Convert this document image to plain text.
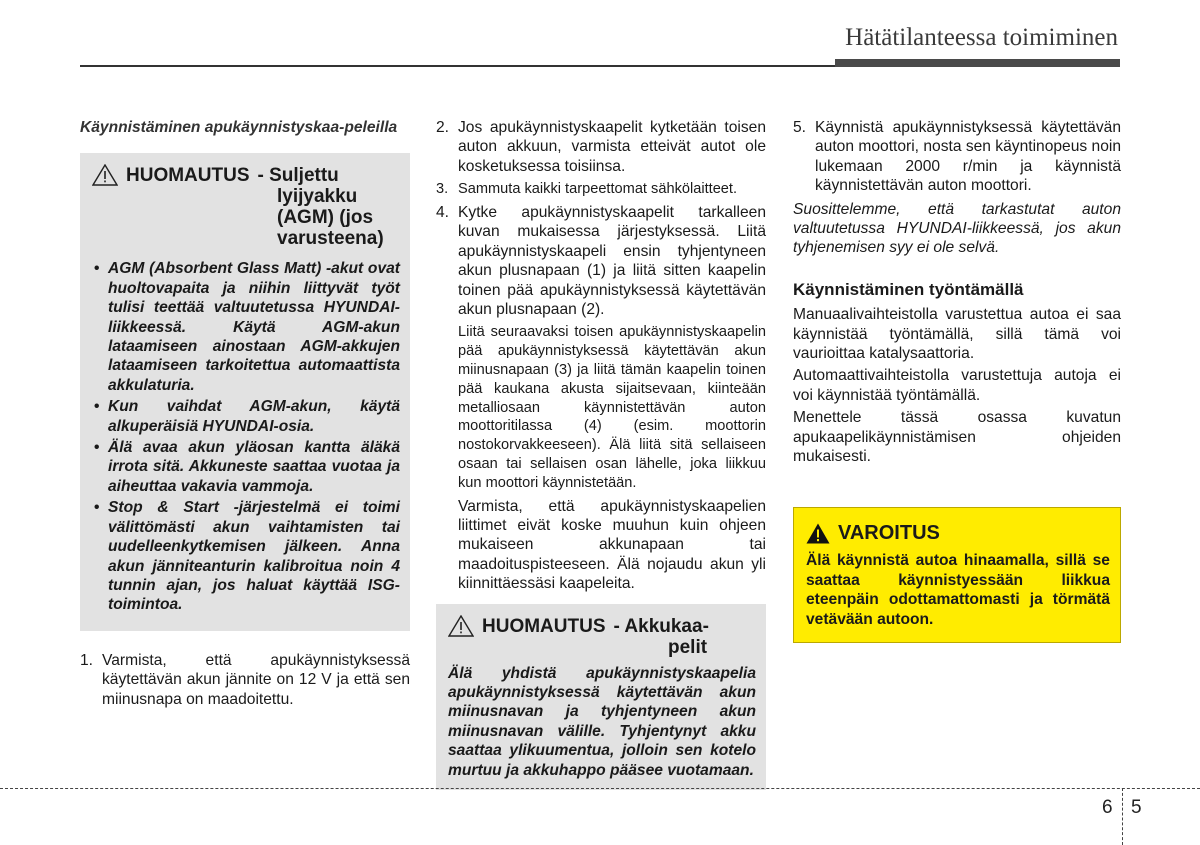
Hätätilanteessa toimiminen
Käynnistäminen apukäynnistyskaa-peleilla
HUOMAUTUS - Suljettu
lyijyakku
(AGM) (jos
varusteena)
• AGM (Absorbent Glass Matt) -akut ovat huoltovapaita ja niihin liittyvät työt tulisi teettää valtuutetussa HYUNDAI-liikkeessä. Käytä AGM-akun lataamiseen ainostaan AGM-akkujen lataamiseen tarkoitettua automaattista akkulaturia.
• Kun vaihdat AGM-akun, käytä alkuperäisiä HYUNDAI-osia.
• Älä avaa akun yläosan kantta äläkä irrota sitä. Akkuneste saattaa vuotaa ja aiheuttaa vakavia vammoja.
• Stop & Start -järjestelmä ei toimi välittömästi akun vaihtamisten tai uudelleenkytkemisen jälkeen. Anna akun jänniteanturin kalibroitua noin 4 tunnin ajan, jos haluat käyttää ISG-toimintoa.
1. Varmista, että apukäynnistyksessä käytettävän akun jännite on 12 V ja että sen miinusnapa on maadoitettu.
2. Jos apukäynnistyskaapelit kytketään toisen auton akkuun, varmista etteivät autot ole kosketuksessa toisiinsa.
3. Sammuta kaikki tarpeettomat sähkölaitteet.
4. Kytke apukäynnistyskaapelit tarkalleen kuvan mukaisessa järjestyksessä. Liitä apukäynnistyskaapeli ensin tyhjentyneen akun plusnapaan (1) ja liitä sitten kaapelin toinen pää apukäynnistyksessä käytettävän akun plusnapaan (2).
Liitä seuraavaksi toisen apukäynnistyskaapelin pää apukäynnistyksessä käytettävän akun miinusnapaan (3) ja liitä tämän kaapelin toinen pää kaukana akusta sijaitsevaan, kiinteään metalliosaan käynnistettävän auton moottoritilassa (4) (esim. moottorin nostokorvakkeeseen). Älä liitä sitä sellaiseen osaan tai sellaisen osan lähelle, joka liikkuu kun moottori käynnistetään.
Varmista, että apukäynnistyskaapelien liittimet eivät koske muuhun kuin ohjeen mukaiseen akkunapaan tai maadoituspisteeseen. Älä nojaudu akun yli kiinnittäessäsi kaapeleita.
HUOMAUTUS - Akkukaa-
pelit
Älä yhdistä apukäynnistyskaapelia apukäynnistyksessä käytettävän akun miinusnavan ja tyhjentyneen akun miinusnavan välille. Tyhjentynyt akku saattaa ylikuumentua, jolloin sen kotelo murtuu ja akkuhappo pääsee vuotamaan.
5. Käynnistä apukäynnistyksessä käytettävän auton moottori, nosta sen käyntinopeus noin lukemaan 2000 r/min ja käynnistä käynnistettävän auton moottori.
Suosittelemme, että tarkastutat auton valtuutetussa HYUNDAI-liikkeessä, jos akun tyhjenemisen syy ei ole selvä.
Käynnistäminen työntämällä
Manuaalivaihteistolla varustettua autoa ei saa käynnistää työntämällä, sillä tämä voi vaurioittaa katalysaattoria.
Automaattivaihteistolla varustettuja autoja ei voi käynnistää työntämällä.
Menettele tässä osassa kuvatun apukaapelikäynnistämisen ohjeiden mukaisesti.
VAROITUS
Älä käynnistä autoa hinaamalla, sillä se saattaa käynnistyessään liikkua eteenpäin odottamattomasti ja törmätä vetävään autoon.
6 5
